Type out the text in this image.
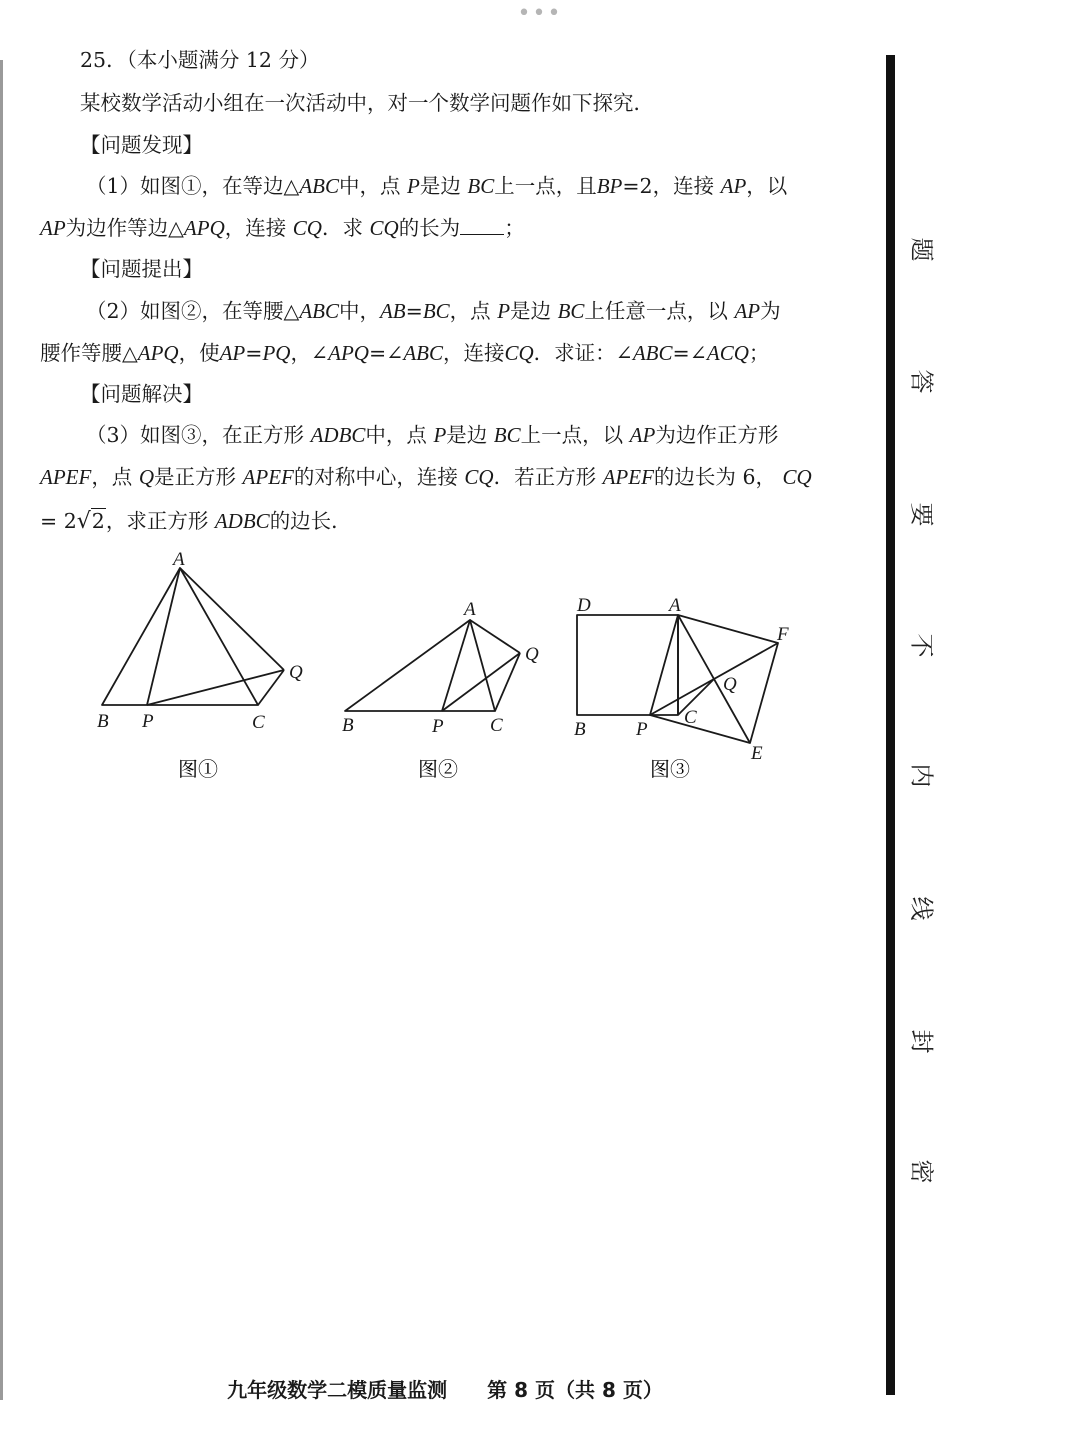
•••
25．（本小题满分 12 分）
某校数学活动小组在一次活动中，对一个数学问题作如下探究．
【问题发现】
（1）如图①，在等边△ABC中，点 P是边 BC上一点，且BP=2，连接 AP，以
AP为边作等边△APQ，连接 CQ．求 CQ的长为 ；
【问题提出】
（2）如图②，在等腰△ABC中，AB=BC，点 P是边 BC上任意一点，以 AP为
腰作等腰△APQ，使AP=PQ，∠APQ=∠ABC，连接CQ．求证：∠ABC=∠ACQ；
【问题解决】
（3）如图③，在正方形 ADBC中，点 P是边 BC上一点，以 AP为边作正方形
APEF，点 Q是正方形 APEF的对称中心，连接 CQ．若正方形 APEF的边长为 6， CQ
= 2√2，求正方形 ADBC的边长．
A
B P	C
Q
图①
A
B	P C
Q
图②
D	A
F
Q
B	P
C
E
图③
题
答
要
不
内
线
封
密
九年级数学二模质量监测　　第 8 页（共 8 页）
